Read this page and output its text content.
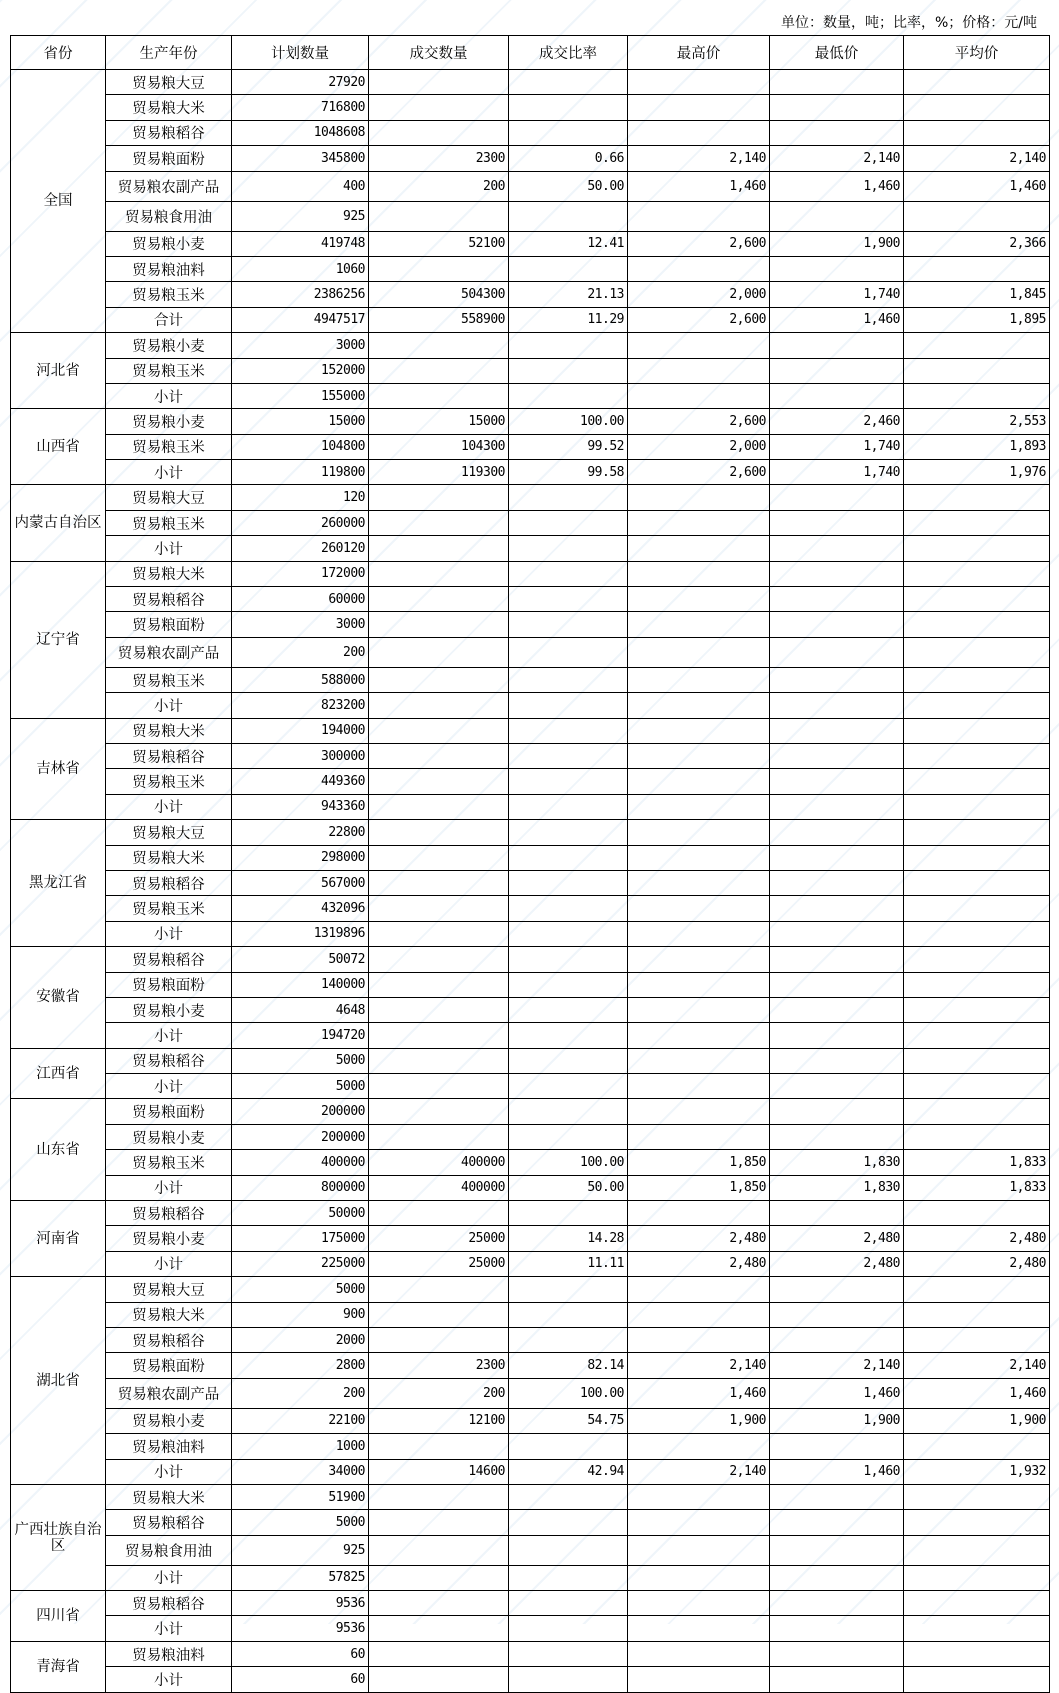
单位：数量，吨；比率，%；价格：元/吨
省份	生产年份	计划数量	成交数量	成交比率	最高价	最低价	平均价
全国	贸易粮大豆	27920					
	贸易粮大米	716800					
	贸易粮稻谷	1048608					
	贸易粮面粉	345800	2300	0.66	2,140	2,140	2,140
	贸易粮农副产品	400	200	50.00	1,460	1,460	1,460
	贸易粮食用油	925					
	贸易粮小麦	419748	52100	12.41	2,600	1,900	2,366
	贸易粮油料	1060					
	贸易粮玉米	2386256	504300	21.13	2,000	1,740	1,845
	合计	4947517	558900	11.29	2,600	1,460	1,895
河北省	贸易粮小麦	3000					
	贸易粮玉米	152000					
	小计	155000					
山西省	贸易粮小麦	15000	15000	100.00	2,600	2,460	2,553
	贸易粮玉米	104800	104300	99.52	2,000	1,740	1,893
	小计	119800	119300	99.58	2,600	1,740	1,976
内蒙古自治区	贸易粮大豆	120					
	贸易粮玉米	260000					
	小计	260120					
辽宁省	贸易粮大米	172000					
	贸易粮稻谷	60000					
	贸易粮面粉	3000					
	贸易粮农副产品	200					
	贸易粮玉米	588000					
	小计	823200					
吉林省	贸易粮大米	194000					
	贸易粮稻谷	300000					
	贸易粮玉米	449360					
	小计	943360					
黑龙江省	贸易粮大豆	22800					
	贸易粮大米	298000					
	贸易粮稻谷	567000					
	贸易粮玉米	432096					
	小计	1319896					
安徽省	贸易粮稻谷	50072					
	贸易粮面粉	140000					
	贸易粮小麦	4648					
	小计	194720					
江西省	贸易粮稻谷	5000					
	小计	5000					
山东省	贸易粮面粉	200000					
	贸易粮小麦	200000					
	贸易粮玉米	400000	400000	100.00	1,850	1,830	1,833
	小计	800000	400000	50.00	1,850	1,830	1,833
河南省	贸易粮稻谷	50000					
	贸易粮小麦	175000	25000	14.28	2,480	2,480	2,480
	小计	225000	25000	11.11	2,480	2,480	2,480
湖北省	贸易粮大豆	5000					
	贸易粮大米	900					
	贸易粮稻谷	2000					
	贸易粮面粉	2800	2300	82.14	2,140	2,140	2,140
	贸易粮农副产品	200	200	100.00	1,460	1,460	1,460
	贸易粮小麦	22100	12100	54.75	1,900	1,900	1,900
	贸易粮油料	1000					
	小计	34000	14600	42.94	2,140	1,460	1,932
广西壮族自治区	贸易粮大米	51900					
	贸易粮稻谷	5000					
	贸易粮食用油	925					
	小计	57825					
四川省	贸易粮稻谷	9536					
	小计	9536					
青海省	贸易粮油料	60					
	小计	60					
